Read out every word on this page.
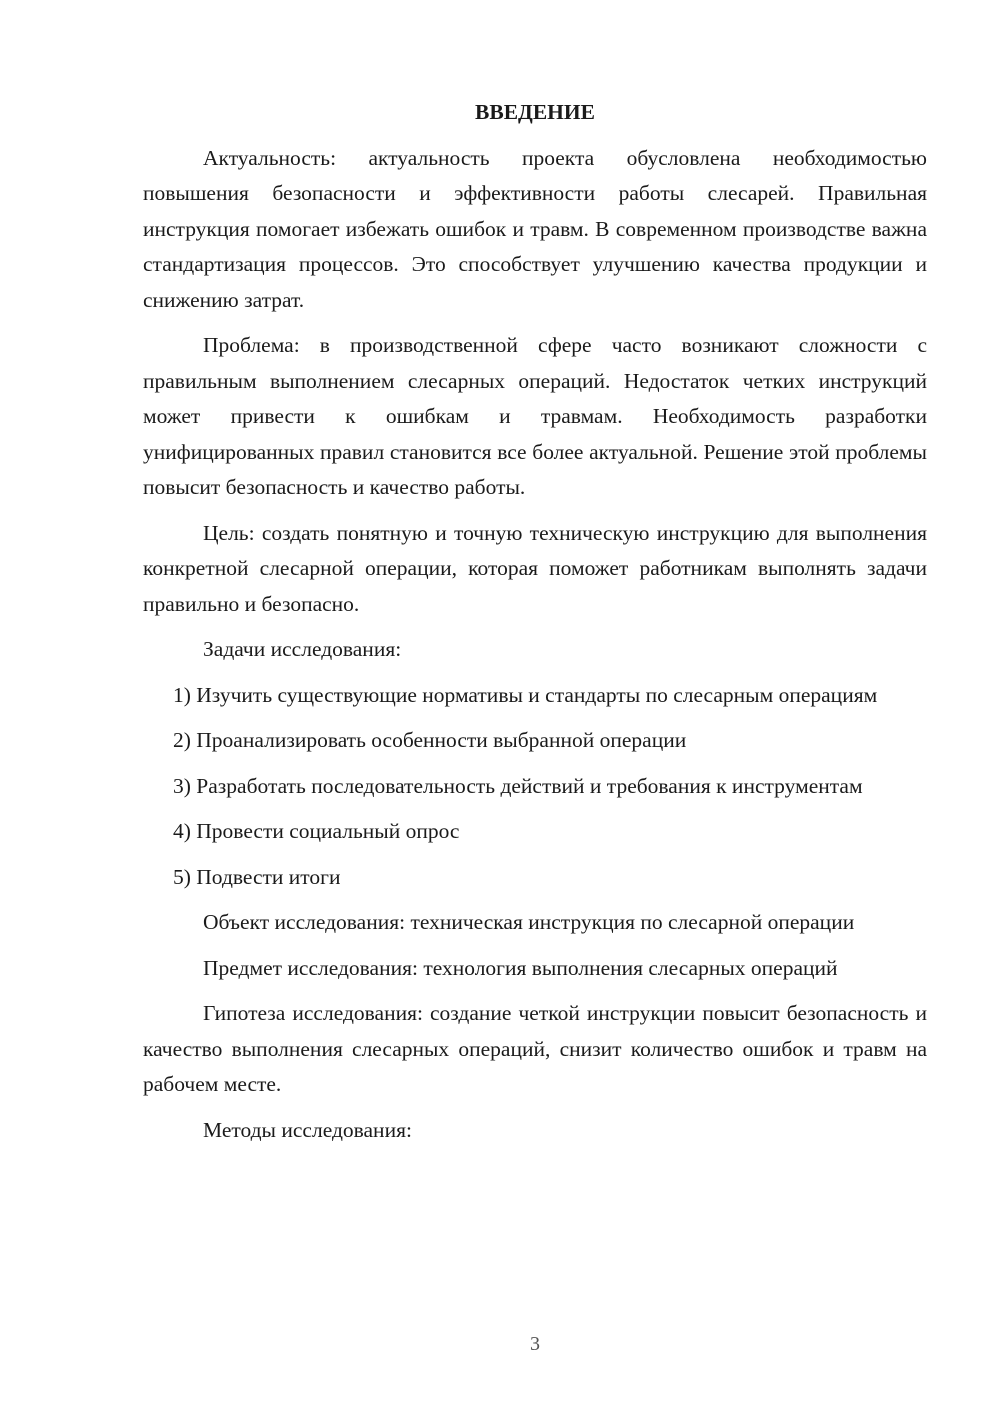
ВВЕДЕНИЕ

Актуальность: актуальность проекта обусловлена необходимостью повышения безопасности и эффективности работы слесарей. Правильная инструкция помогает избежать ошибок и травм. В современном производстве важна стандартизация процессов. Это способствует улучшению качества продукции и снижению затрат.

Проблема: в производственной сфере часто возникают сложности с правильным выполнением слесарных операций. Недостаток четких инструкций может привести к ошибкам и травмам. Необходимость разработки унифицированных правил становится все более актуальной. Решение этой проблемы повысит безопасность и качество работы.

Цель: создать понятную и точную техническую инструкцию для выполнения конкретной слесарной операции, которая поможет работникам выполнять задачи правильно и безопасно.

Задачи исследования:

1) Изучить существующие нормативы и стандарты по слесарным операциям

2) Проанализировать особенности выбранной операции

3) Разработать последовательность действий и требования к инструментам

4) Провести социальный опрос

5) Подвести итоги

Объект исследования: техническая инструкция по слесарной операции

Предмет исследования: технология выполнения слесарных операций

Гипотеза исследования: создание четкой инструкции повысит безопасность и качество выполнения слесарных операций, снизит количество ошибок и травм на рабочем месте.

Методы исследования:

3
